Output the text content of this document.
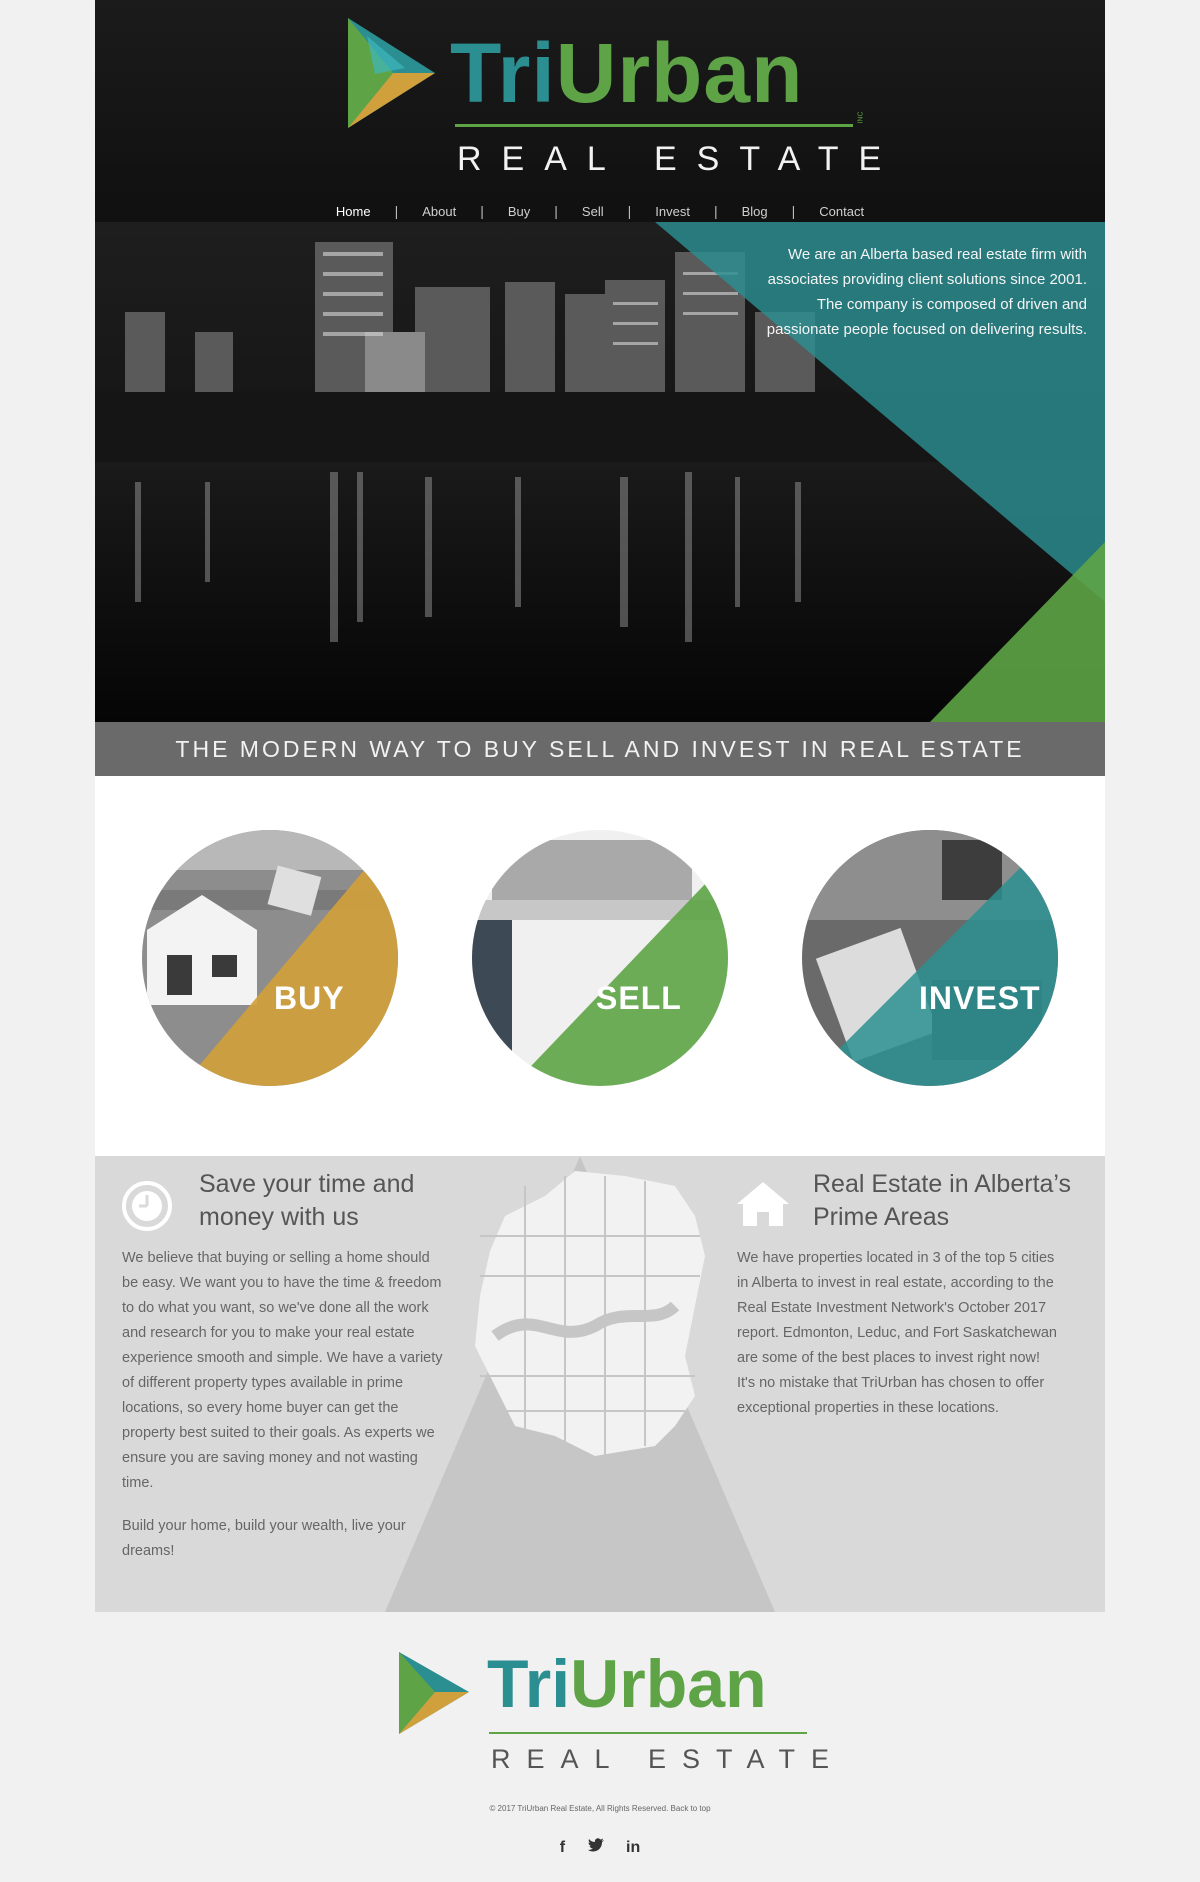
TriUrban	INC
REAL ESTATE
Home	|	About	|	Buy	|	Sell	|	Invest	|	Blog	|	Contact
We are an Alberta based real estate firm with associates providing client solutions since 2001. The company is composed of driven and passionate people focused on delivering results.
THE MODERN WAY TO BUY SELL AND INVEST IN REAL ESTATE
BUY	SELL	INVEST
Save your time and money with us

We believe that buying or selling a home should be easy. We want you to have the time & freedom to do what you want, so we've done all the work and research for you to make your real estate experience smooth and simple. We have a variety of different property types available in prime locations, so every home buyer can get the property best suited to their goals. As experts we ensure you are saving money and not wasting time.

Build your home, build your wealth, live your dreams!

Real Estate in Alberta’s Prime Areas
We have properties located in 3 of the top 5 cities in Alberta to invest in real estate, according to the Real Estate Investment Network's October 2017 report. Edmonton, Leduc, and Fort Saskatchewan are some of the best places to invest right now! It's no mistake that TriUrban has chosen to offer exceptional properties in these locations.
TriUrban
REAL ESTATE
© 2017 TriUrban Real Estate, All Rights Reserved. Back to top
f	in
